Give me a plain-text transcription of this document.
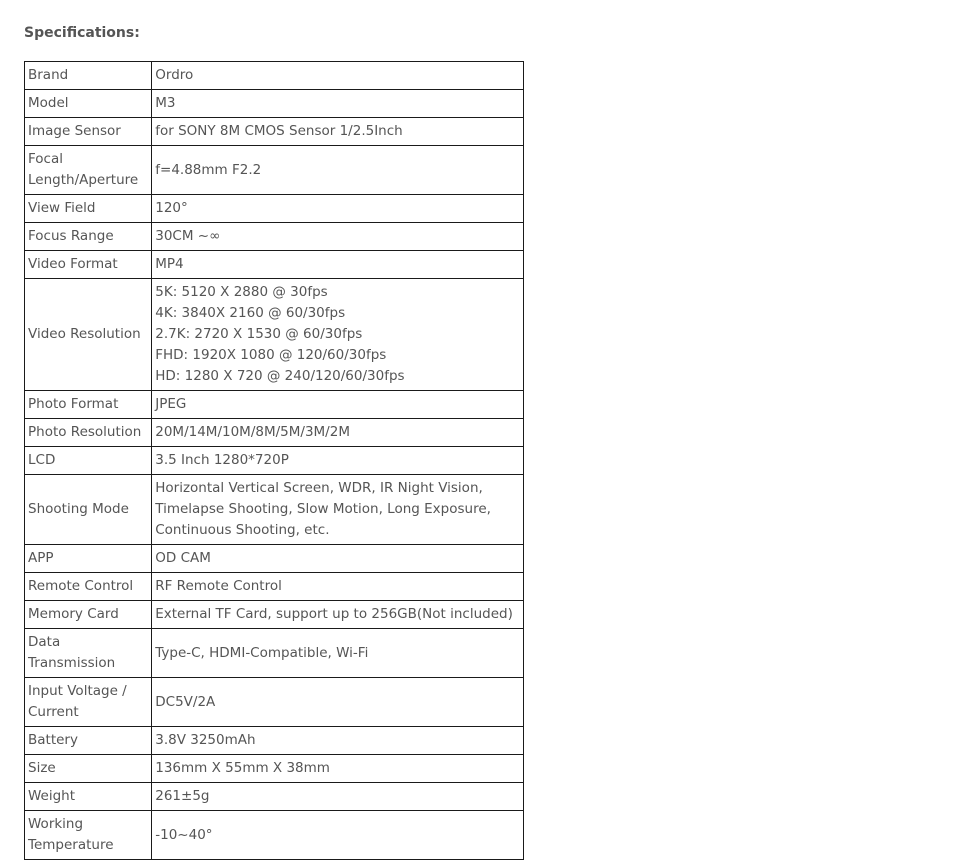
Specifications:

Brand	Ordro

Model	M3

Image Sensor	for SONY 8M CMOS Sensor 1/2.5Inch

Focal Length/Aperture	f=4.88mm F2.2

View Field	120°

Focus Range	30CM ~∞

Video Format	MP4

Video Resolution	5K: 5120 X 2880 @ 30fps
4K: 3840X 2160 @ 60/30fps
2.7K: 2720 X 1530 @ 60/30fps
FHD: 1920X 1080 @ 120/60/30fps
HD: 1280 X 720 @ 240/120/60/30fps

Photo Format	JPEG

Photo Resolution	20M/14M/10M/8M/5M/3M/2M

LCD	3.5 Inch 1280*720P

Shooting Mode	Horizontal Vertical Screen, WDR, IR Night Vision, Timelapse Shooting, Slow Motion, Long Exposure, Continuous Shooting, etc.

APP	OD CAM

Remote Control	RF Remote Control

Memory Card	External TF Card, support up to 256GB(Not included)

Data Transmission	Type-C, HDMI-Compatible, Wi-Fi

Input Voltage / Current	DC5V/2A

Battery	3.8V 3250mAh

Size	136mm X 55mm X 38mm

Weight	261±5g

Working Temperature	-10~40°
